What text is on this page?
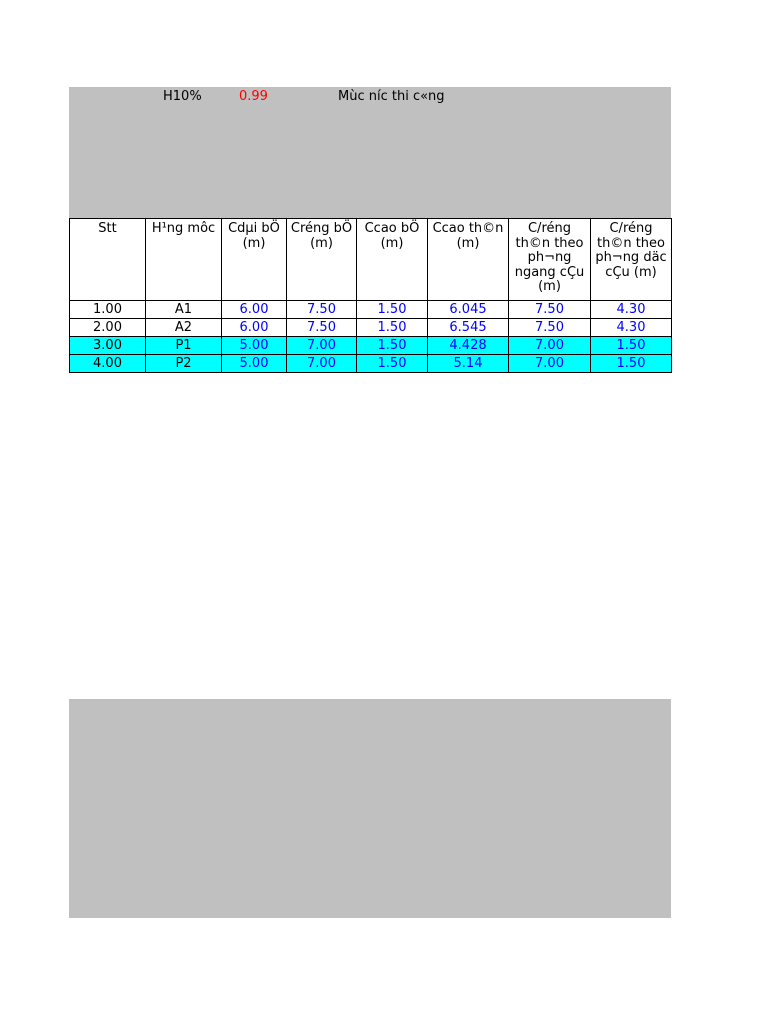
H10%	0.99	Mùc níc thi c«ng
Stt	H¹ng môc	Cdµi bÖ (m)	Créng bÖ (m)	Ccao bÖ (m)	Ccao th©n (m)	C/réng th©n theo ph¬ng ngang cÇu (m)	C/réng th©n theo ph¬ng däc cÇu (m)
1.00	A1	6.00	7.50	1.50	6.045	7.50	4.30
2.00	A2	6.00	7.50	1.50	6.545	7.50	4.30
3.00	P1	5.00	7.00	1.50	4.428	7.00	1.50
4.00	P2	5.00	7.00	1.50	5.14	7.00	1.50
